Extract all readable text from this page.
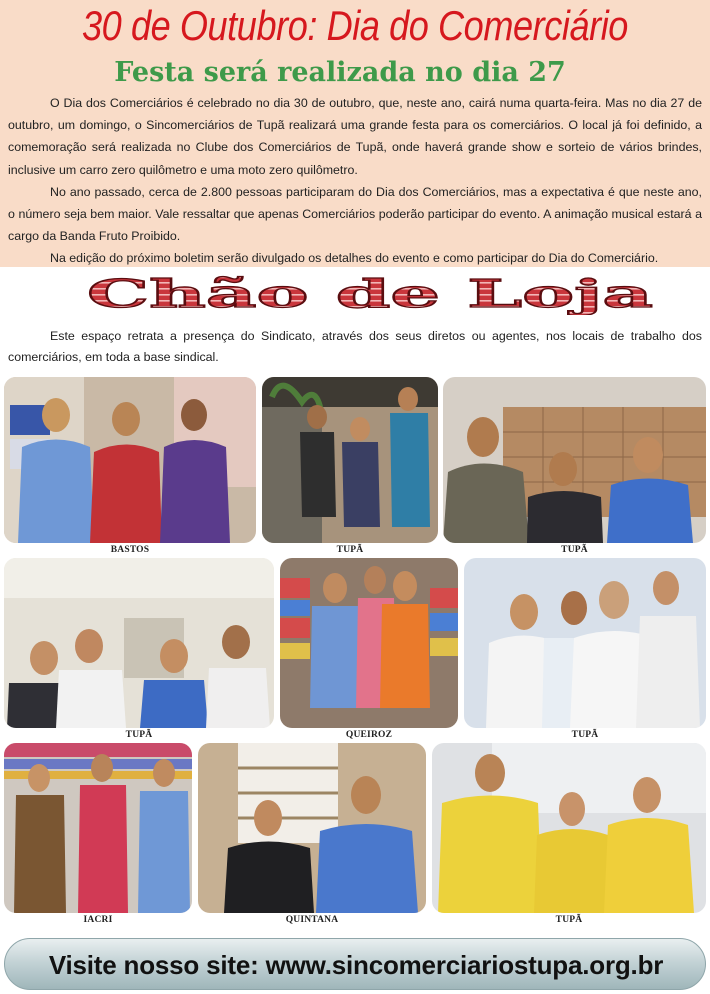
30 de Outubro: Dia do Comerciário
Festa será realizada no dia 27

O Dia dos Comerciários é celebrado no dia 30 de outubro, que, neste ano, cairá numa quarta-feira. Mas no dia 27 de outubro, um domingo, o Sincomerciários de Tupã realizará uma grande festa para os comerciários. O local já foi definido, a comemoração será realizada no Clube dos Comerciários de Tupã, onde haverá grande show e sorteio de vários brindes, inclusive um carro zero quilômetro e uma moto zero quilômetro.

No ano passado, cerca de 2.800 pessoas participaram do Dia dos Comerciários, mas a expectativa é que neste ano, o número seja bem maior. Vale ressaltar que apenas Comerciários poderão participar do evento. A animação musical estará a cargo da Banda Fruto Proibido.

Na edição do próximo boletim serão divulgado os detalhes do evento e como participar do Dia do Comerciário.

Chão de Loja

Este espaço retrata a presença do Sindicato, através dos seus diretos ou agentes, nos locais de trabalho dos comerciários, em toda a base sindical.

BASTOS	TUPÃ	TUPÃ
TUPÃ	QUEIROZ	TUPÃ
IACRI	QUINTANA	TUPÃ
Visite nosso site: www.sincomerciariostupa.org.br
